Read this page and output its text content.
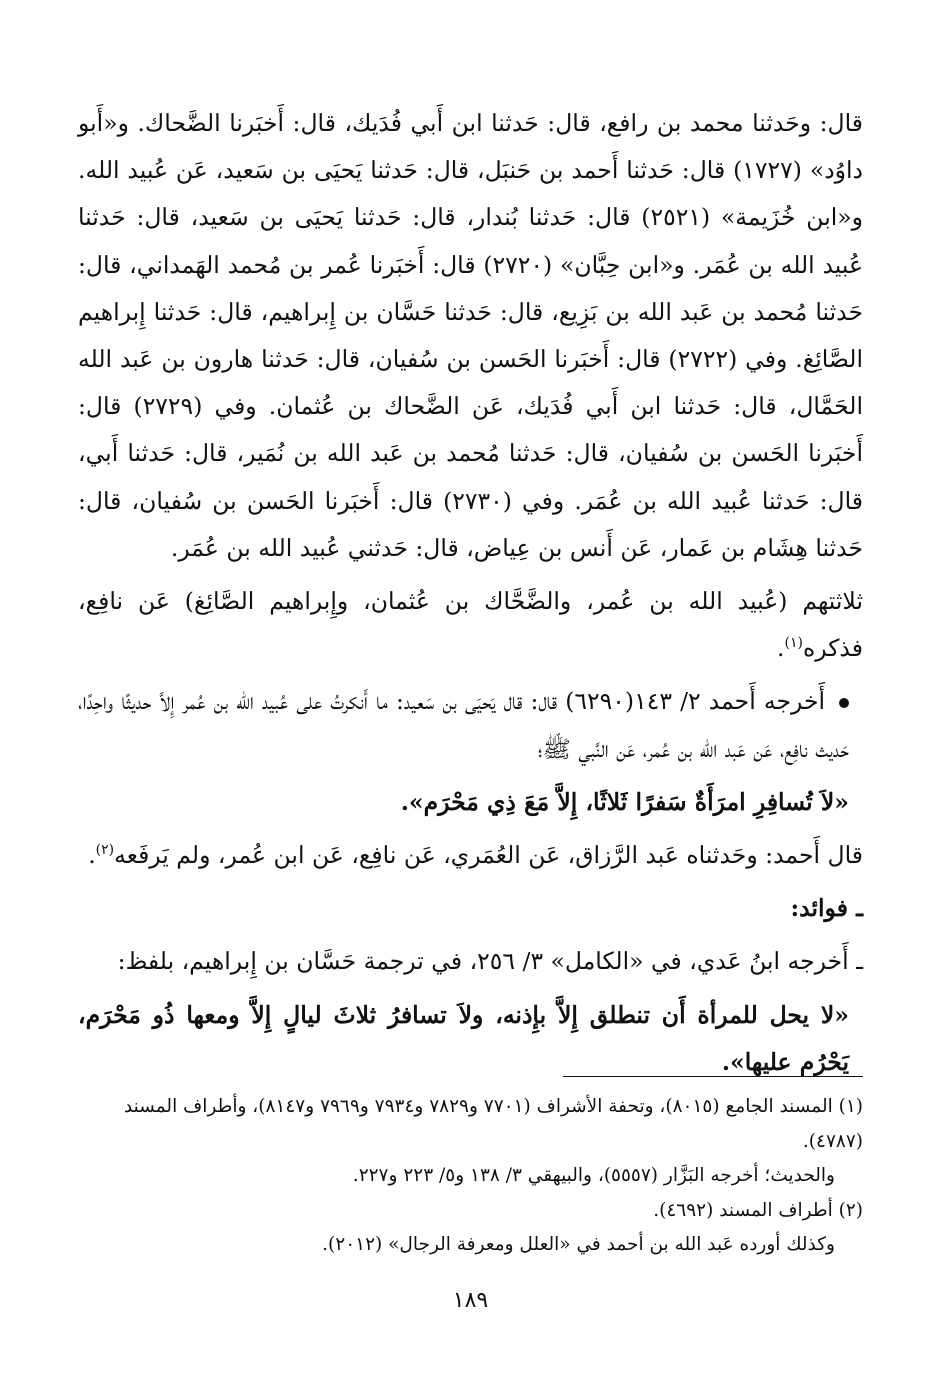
قال: وحَدثنا محمد بن رافع، قال: حَدثنا ابن أَبي فُدَيك، قال: أَخبَرنا الضَّحاك. و«أَبو داوُد» (١٧٢٧) قال: حَدثنا أَحمد بن حَنبَل، قال: حَدثنا يَحيَى بن سَعيد، عَن عُبيد الله. و«ابن خُزَيمة» (٢٥٢١) قال: حَدثنا بُندار، قال: حَدثنا يَحيَى بن سَعيد، قال: حَدثنا عُبيد الله بن عُمَر. و«ابن حِبَّان» (٢٧٢٠) قال: أَخبَرنا عُمر بن مُحمد الهَمداني، قال: حَدثنا مُحمد بن عَبد الله بن بَزِيع، قال: حَدثنا حَسَّان بن إِبراهيم، قال: حَدثنا إِبراهيم الصَّائِغ. وفي (٢٧٢٢) قال: أَخبَرنا الحَسن بن سُفيان، قال: حَدثنا هارون بن عَبد الله الحَمَّال، قال: حَدثنا ابن أَبي فُدَيك، عَن الضَّحاك بن عُثمان. وفي (٢٧٢٩) قال: أَخبَرنا الحَسن بن سُفيان، قال: حَدثنا مُحمد بن عَبد الله بن نُمَير، قال: حَدثنا أَبي، قال: حَدثنا عُبيد الله بن عُمَر. وفي (٢٧٣٠) قال: أَخبَرنا الحَسن بن سُفيان، قال: حَدثنا هِشَام بن عَمار، عَن أَنس بن عِياض، قال: حَدثني عُبيد الله بن عُمَر.

ثلاثتهم (عُبيد الله بن عُمر، والضَّحَّاك بن عُثمان، وإِبراهيم الصَّائِغ) عَن نافِع، فذكره$^{(١)}$.

أَخرجه أَحمد ٢/ ١٤٣(٦٢٩٠) قال: قال يَحيَى بن سَعيد: ما أَنكرتُ على عُبيد الله بن عُمر إِلاَّ حديثًا واحِدًا، حَديث نافِع، عَن عَبد الله بن عُمر، عَن النَّبي ﷺ؛

«لاَ تُسافِرِ امرَأَةٌ سَفرًا ثَلاثًا، إِلاَّ مَعَ ذِي مَحْرَم».

قال أَحمد: وحَدثناه عَبد الرَّزاق، عَن العُمَري، عَن نافِع، عَن ابن عُمر، ولم يَرفَعه$^{(٢)}$.

ـ فوائد:

ـ أَخرجه ابنُ عَدي، في «الكامل» ٣/ ٢٥٦، في ترجمة حَسَّان بن إِبراهيم، بلفظ:

«لا يحل للمرأة أَن تنطلق إِلاَّ بإِذنه، ولاَ تسافرُ ثلاثَ ليالٍ إِلاَّ ومعها ذُو مَحْرَم، يَحْرُم عليها».

(١) المسند الجامع (٨٠١٥)، وتحفة الأشراف (٧٧٠١ و٧٨٢٩ و٧٩٣٤ و٧٩٦٩ و٨١٤٧)، وأطراف المسند (٤٧٨٧).

والحديث؛ أخرجه البَزَّار (٥٥٥٧)، والبيهقي ٣/ ١٣٨ و٥/ ٢٢٣ و٢٢٧.

(٢) أطراف المسند (٤٦٩٢).

وكذلك أورده عَبد الله بن أحمد في «العلل ومعرفة الرجال» (٢٠١٢).

١٨٩
